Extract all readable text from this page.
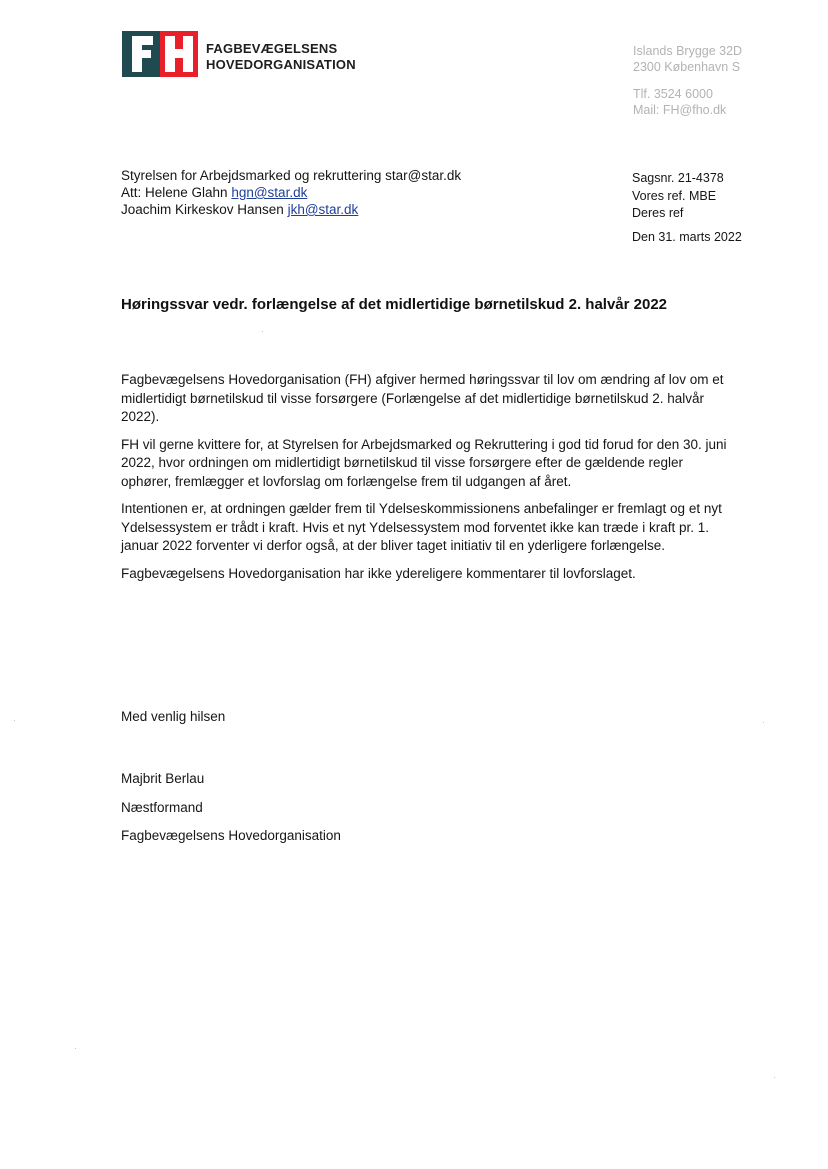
FAGBEVÆGELSENS
HOVEDORGANISATION
Islands Brygge 32D
2300 København S
Tlf. 3524 6000
Mail: FH@fho.dk
Styrelsen for Arbejdsmarked og rekruttering star@star.dk
Att: Helene Glahn hgn@star.dk
Joachim Kirkeskov Hansen jkh@star.dk
Sagsnr. 21-4378
Vores ref. MBE
Deres ref
Den 31. marts 2022
Høringssvar vedr. forlængelse af det midlertidige børnetilskud 2. halvår 2022

Fagbevægelsens Hovedorganisation (FH) afgiver hermed høringssvar til lov om ændring af lov om et midlertidigt børnetilskud til visse forsørgere (Forlængelse af det midlertidige børnetilskud 2. halvår 2022).

FH vil gerne kvittere for, at Styrelsen for Arbejdsmarked og Rekruttering i god tid forud for den 30. juni 2022, hvor ordningen om midlertidigt børnetilskud til visse forsørgere efter de gældende regler ophører, fremlægger et lovforslag om forlængelse frem til udgangen af året.

Intentionen er, at ordningen gælder frem til Ydelseskommissionens anbefalinger er fremlagt og et nyt Ydelsessystem er trådt i kraft. Hvis et nyt Ydelsessystem mod forventet ikke kan træde i kraft pr. 1. januar 2022 forventer vi derfor også, at der bliver taget initiativ til en yderligere forlængelse.

Fagbevægelsens Hovedorganisation har ikke ydereligere kommentarer til lovforslaget.

Med venlig hilsen
Majbrit Berlau
Næstformand
Fagbevægelsens Hovedorganisation
